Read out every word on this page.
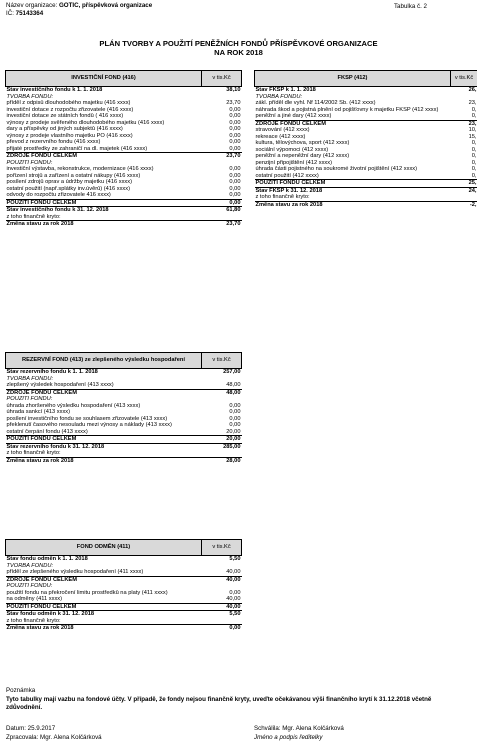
Název organizace: GOTIC, příspěvková organizace
IČ: 75143364
Tabulka č. 2
PLÁN TVORBY A POUŽITÍ PENĚŽNÍCH FONDŮ PŘÍSPĚVKOVÉ ORGANIZACE
NA ROK 2018
INVESTIČNÍ FOND (416)	v tis.Kč
Stav investičního fondu k 1. 1. 2018	38,10
TVORBA FONDU:	
příděl z odpisů dlouhodobého majetku (416 xxxx)	23,70
investiční dotace z rozpočtu zřizovatele (416 xxxx)	0,00
investiční dotace ze státních fondů ( 416 xxxx)	0,00
výnosy z prodeje svěřeného dlouhodobého majetku (416 xxxx)	0,00
dary a příspěvky od jiných subjektů (416 xxxx)	0,00
výnosy z prodeje vlastního majetku PO (416 xxxx)	0,00
převod z rezervního fondu (416 xxxx)	0,00
přijaté prostředky ze zahraničí na dl. majetek (416 xxxx)	0,00
ZDROJE FONDU CELKEM	23,70
POUŽITÍ FONDU:	
investiční výstavba, rekonstrukce, modernizace (416 xxxx)	0,00
pořízení strojů a zařízení a ostatní nákupy (416 xxxx)	0,00
posílení zdrojů oprav a údržby majetku (416 xxxx)	0,00
ostatní použití (např.splátky inv.úvěrů) (416 xxxx)	0,00
odvody do rozpočtu zřizovatele 416 xxxx)	0,00
POUŽITÍ FONDU CELKEM	0,00
Stav investičního fondu k 31. 12. 2018	61,80
z toho finančně kryto:	
Změna stavu za rok 2018	23,70
FKSP (412)	v tis.Kč
Stav FKSP k 1. 1. 2018	26,
TVORBA FONDU:	
zákl. příděl dle vyhl. Nf 114/2002 Sb. (412 xxxx)	23,
náhrada škod a pojistná plnění od pojišťovny k majetku FKSP (412 xxxx)	0,
peněžní a jiné dary (412 xxxx)	0,
ZDROJE FONDU CELKEM	23,
stravování (412 xxxx)	10,
rekreace (412 xxxx)	15,
kultura, tělovýchova, sport (412 xxxx)	0,
sociální výpomoci (412 xxxx)	0,
peněžní a nepeněžní dary (412 xxxx)	0,
penzijní připojištění (412 xxxx)	0,
úhrada části pojistného na soukromé životní pojištění (412 xxxx)	0,
ostatní použití (412 xxxx)	0,
POUŽITÍ FONDU CELKEM	25,
Stav FKSP k 31. 12. 2018	24,
z toho finančně kryto:	
Změna stavu za rok 2018	-2,
REZERVNÍ FOND (413) ze zlepšeného výsledku hospodaření	v tis.Kč
Stav rezervního fondu k 1. 1. 2018	257,00
TVORBA FONDU:	
zlepšený výsledek hospodaření (413 xxxx)	48,00
ZDROJE FONDU CELKEM	48,00
POUŽITÍ FONDU:	
úhrada zhoršeného výsledku hospodaření (413 xxxx)	0,00
úhrada sankcí (413 xxxx)	0,00
posílení investičního fondu se souhlasem zřizovatele (413 xxxx)	0,00
překlenutí časového nesouladu mezi výnosy a náklady (413 xxxx)	0,00
ostatní čerpání fondu (413 xxxx)	20,00
POUŽITÍ FONDU CELKEM	20,00
Stav rezervního fondu k 31. 12. 2018	285,00
z toho finančně kryto:	
Změna stavu za rok 2018	28,00
FOND ODMĚN (411)	v tis.Kč
Stav fondu odměn k 1. 1. 2018	5,50
TVORBA FONDU:	
příděl ze zlepšeného výsledku hospodaření (411 xxxx)	40,00
ZDROJE FONDU CELKEM	40,00
POUŽITÍ FONDU:	
použití fondu na překročení limitu prostředků na platy (411 xxxx)	0,00
na odměny (411 xxxx)	40,00
POUŽITÍ FONDU CELKEM	40,00
Stav fondu odměn k 31. 12. 2018	5,50
z toho finančně kryto:	
Změna stavu za rok 2018	0,00
Poznámka
Tyto tabulky mají vazbu na fondové účty. V případě, že fondy nejsou finančně kryty, uveďte očekávanou výši finančního krytí k 31.12.2018 včetně zdůvodnění.
Datum: 25.9.2017
Zpracovala: Mgr. Alena Kolčárková
Schválila: Mgr. Alena Kolčárková
Jméno a podpis ředitelky
